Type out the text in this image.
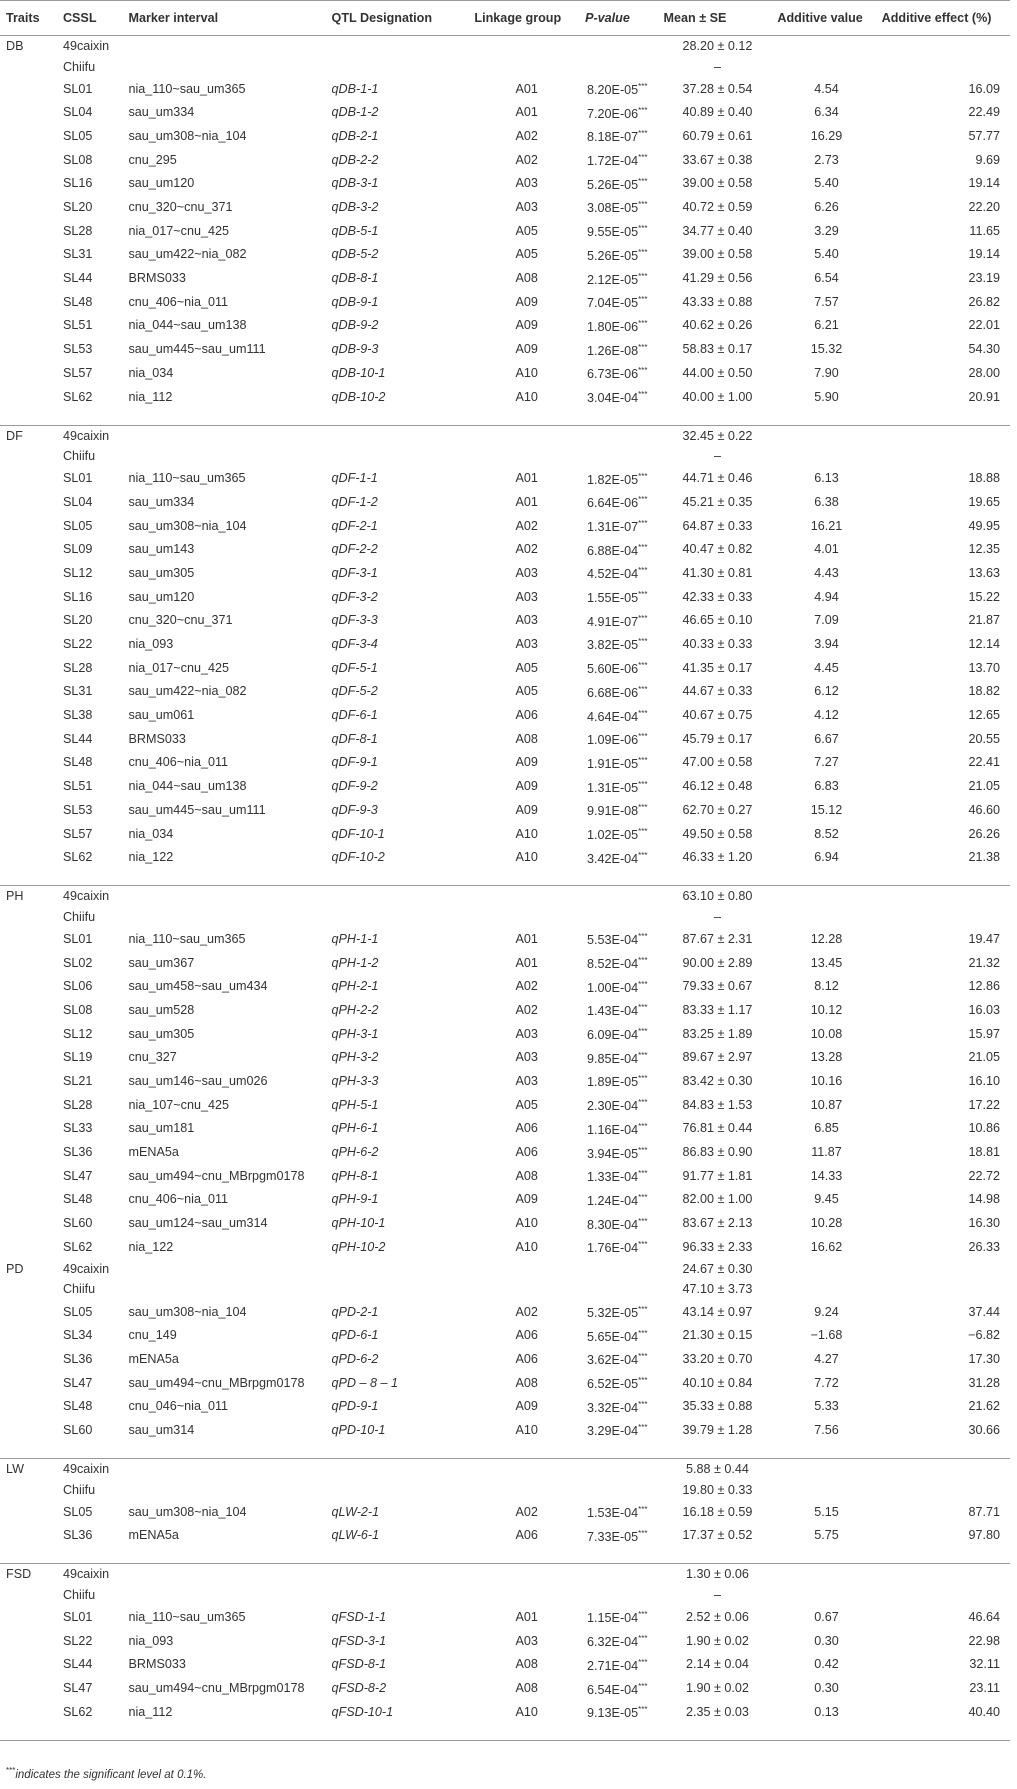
Traits	CSSL	Marker interval	QTL Designation	Linkage group	P-value	Mean ± SE	Additive value	Additive effect (%)
DB	49caixin					28.20 ± 0.12		
	Chiifu					–		
	SL01	nia_110~sau_um365	qDB-1-1	A01	8.20E-05***	37.28 ± 0.54	4.54	16.09
	SL04	sau_um334	qDB-1-2	A01	7.20E-06***	40.89 ± 0.40	6.34	22.49
	SL05	sau_um308~nia_104	qDB-2-1	A02	8.18E-07***	60.79 ± 0.61	16.29	57.77
	SL08	cnu_295	qDB-2-2	A02	1.72E-04***	33.67 ± 0.38	2.73	9.69
	SL16	sau_um120	qDB-3-1	A03	5.26E-05***	39.00 ± 0.58	5.40	19.14
	SL20	cnu_320~cnu_371	qDB-3-2	A03	3.08E-05***	40.72 ± 0.59	6.26	22.20
	SL28	nia_017~cnu_425	qDB-5-1	A05	9.55E-05***	34.77 ± 0.40	3.29	11.65
	SL31	sau_um422~nia_082	qDB-5-2	A05	5.26E-05***	39.00 ± 0.58	5.40	19.14
	SL44	BRMS033	qDB-8-1	A08	2.12E-05***	41.29 ± 0.56	6.54	23.19
	SL48	cnu_406~nia_011	qDB-9-1	A09	7.04E-05***	43.33 ± 0.88	7.57	26.82
	SL51	nia_044~sau_um138	qDB-9-2	A09	1.80E-06***	40.62 ± 0.26	6.21	22.01
	SL53	sau_um445~sau_um111	qDB-9-3	A09	1.26E-08***	58.83 ± 0.17	15.32	54.30
	SL57	nia_034	qDB-10-1	A10	6.73E-06***	44.00 ± 0.50	7.90	28.00
	SL62	nia_112	qDB-10-2	A10	3.04E-04***	40.00 ± 1.00	5.90	20.91

DF	49caixin					32.45 ± 0.22		
	Chiifu					–		
	SL01	nia_110~sau_um365	qDF-1-1	A01	1.82E-05***	44.71 ± 0.46	6.13	18.88
	SL04	sau_um334	qDF-1-2	A01	6.64E-06***	45.21 ± 0.35	6.38	19.65
	SL05	sau_um308~nia_104	qDF-2-1	A02	1.31E-07***	64.87 ± 0.33	16.21	49.95
	SL09	sau_um143	qDF-2-2	A02	6.88E-04***	40.47 ± 0.82	4.01	12.35
	SL12	sau_um305	qDF-3-1	A03	4.52E-04***	41.30 ± 0.81	4.43	13.63
	SL16	sau_um120	qDF-3-2	A03	1.55E-05***	42.33 ± 0.33	4.94	15.22
	SL20	cnu_320~cnu_371	qDF-3-3	A03	4.91E-07***	46.65 ± 0.10	7.09	21.87
	SL22	nia_093	qDF-3-4	A03	3.82E-05***	40.33 ± 0.33	3.94	12.14
	SL28	nia_017~cnu_425	qDF-5-1	A05	5.60E-06***	41.35 ± 0.17	4.45	13.70
	SL31	sau_um422~nia_082	qDF-5-2	A05	6.68E-06***	44.67 ± 0.33	6.12	18.82
	SL38	sau_um061	qDF-6-1	A06	4.64E-04***	40.67 ± 0.75	4.12	12.65
	SL44	BRMS033	qDF-8-1	A08	1.09E-06***	45.79 ± 0.17	6.67	20.55
	SL48	cnu_406~nia_011	qDF-9-1	A09	1.91E-05***	47.00 ± 0.58	7.27	22.41
	SL51	nia_044~sau_um138	qDF-9-2	A09	1.31E-05***	46.12 ± 0.48	6.83	21.05
	SL53	sau_um445~sau_um111	qDF-9-3	A09	9.91E-08***	62.70 ± 0.27	15.12	46.60
	SL57	nia_034	qDF-10-1	A10	1.02E-05***	49.50 ± 0.58	8.52	26.26
	SL62	nia_122	qDF-10-2	A10	3.42E-04***	46.33 ± 1.20	6.94	21.38

PH	49caixin					63.10 ± 0.80		
	Chiifu					–		
	SL01	nia_110~sau_um365	qPH-1-1	A01	5.53E-04***	87.67 ± 2.31	12.28	19.47
	SL02	sau_um367	qPH-1-2	A01	8.52E-04***	90.00 ± 2.89	13.45	21.32
	SL06	sau_um458~sau_um434	qPH-2-1	A02	1.00E-04***	79.33 ± 0.67	8.12	12.86
	SL08	sau_um528	qPH-2-2	A02	1.43E-04***	83.33 ± 1.17	10.12	16.03
	SL12	sau_um305	qPH-3-1	A03	6.09E-04***	83.25 ± 1.89	10.08	15.97
	SL19	cnu_327	qPH-3-2	A03	9.85E-04***	89.67 ± 2.97	13.28	21.05
	SL21	sau_um146~sau_um026	qPH-3-3	A03	1.89E-05***	83.42 ± 0.30	10.16	16.10
	SL28	nia_107~cnu_425	qPH-5-1	A05	2.30E-04***	84.83 ± 1.53	10.87	17.22
	SL33	sau_um181	qPH-6-1	A06	1.16E-04***	76.81 ± 0.44	6.85	10.86
	SL36	mENA5a	qPH-6-2	A06	3.94E-05***	86.83 ± 0.90	11.87	18.81
	SL47	sau_um494~cnu_MBrpgm0178	qPH-8-1	A08	1.33E-04***	91.77 ± 1.81	14.33	22.72
	SL48	cnu_406~nia_011	qPH-9-1	A09	1.24E-04***	82.00 ± 1.00	9.45	14.98
	SL60	sau_um124~sau_um314	qPH-10-1	A10	8.30E-04***	83.67 ± 2.13	10.28	16.30
	SL62	nia_122	qPH-10-2	A10	1.76E-04***	96.33 ± 2.33	16.62	26.33

PD	49caixin					24.67 ± 0.30		
	Chiifu					47.10 ± 3.73		
	SL05	sau_um308~nia_104	qPD-2-1	A02	5.32E-05***	43.14 ± 0.97	9.24	37.44
	SL34	cnu_149	qPD-6-1	A06	5.65E-04***	21.30 ± 0.15	−1.68	−6.82
	SL36	mENA5a	qPD-6-2	A06	3.62E-04***	33.20 ± 0.70	4.27	17.30
	SL47	sau_um494~cnu_MBrpgm0178	qPD – 8 – 1	A08	6.52E-05***	40.10 ± 0.84	7.72	31.28
	SL48	cnu_046~nia_011	qPD-9-1	A09	3.32E-04***	35.33 ± 0.88	5.33	21.62
	SL60	sau_um314	qPD-10-1	A10	3.29E-04***	39.79 ± 1.28	7.56	30.66

LW	49caixin					5.88 ± 0.44		
	Chiifu					19.80 ± 0.33		
	SL05	sau_um308~nia_104	qLW-2-1	A02	1.53E-04***	16.18 ± 0.59	5.15	87.71
	SL36	mENA5a	qLW-6-1	A06	7.33E-05***	17.37 ± 0.52	5.75	97.80

FSD	49caixin					1.30 ± 0.06		
	Chiifu					–		
	SL01	nia_110~sau_um365	qFSD-1-1	A01	1.15E-04***	2.52 ± 0.06	0.67	46.64
	SL22	nia_093	qFSD-3-1	A03	6.32E-04***	1.90 ± 0.02	0.30	22.98
	SL44	BRMS033	qFSD-8-1	A08	2.71E-04***	2.14 ± 0.04	0.42	32.11
	SL47	sau_um494~cnu_MBrpgm0178	qFSD-8-2	A08	6.54E-04***	1.90 ± 0.02	0.30	23.11
	SL62	nia_112	qFSD-10-1	A10	9.13E-05***	2.35 ± 0.03	0.13	40.40

***indicates the significant level at 0.1%.
